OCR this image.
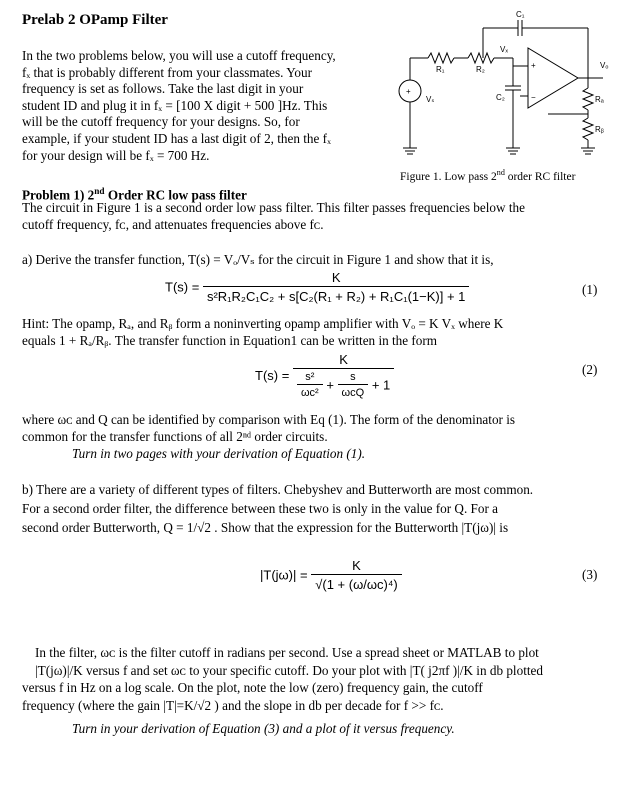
Prelab 2 OPamp Filter
In the two problems below, you will use a cutoff frequency,
fₓ that is probably different from your classmates. Your
frequency is set as follows. Take the last digit in your
student ID and plug it in fₓ = [100 X digit + 500 ]Hz. This
will be the cutoff frequency for your designs. So, for
example, if your student ID has a last digit of 2, then the fₓ
for your design will be fₓ = 700 Hz.
C₁
R₁	R₂
Vₓ
C₂
Vₛ
Vₒ
Rₐ
Rᵦ
+
−
+
Figure 1. Low pass 2nd order RC filter
Problem 1) 2nd Order RC low pass filter
The circuit in Figure 1 is a second order low pass filter. This filter passes frequencies below the
cutoff frequency, fᴄ, and attenuates frequencies above fᴄ.
a) Derive the transfer function, T(s) = Vₒ/Vₛ for the circuit in Figure 1 and show that it is,
$T(s) = \frac{K}{\text{s²R₁R₂C₁C₂ + s[C₂(R₁ + R₂) + R₁C₁(1−K)] + 1}}$	(1)
Hint: The opamp, Rₐ, and Rᵦ form a noninverting opamp amplifier with Vₒ = K Vₓ where K
equals 1 + Rₐ/Rᵦ. The transfer function in Equation1 can be written in the form
T(s) =
K
$\frac{\text{s²}}{\text{ωᴄ²}} + \frac{s}{\text{ωᴄQ}} + 1$
(2)
where ωᴄ and Q can be identified by comparison with Eq (1). The form of the denominator is
common for the transfer functions of all 2ⁿᵈ order circuits.
Turn in two pages with your derivation of Equation (1).
b) There are a variety of different types of filters. Chebyshev and Butterworth are most common.
For a second order filter, the difference between these two is only in the value for Q. For a
second order Butterworth, Q = 1/√2 . Show that the expression for the Butterworth |T(jω)| is
$|T(j\omega)| = \frac{K}{\text{√(1 + (ω/ωᴄ)⁴)}}$	(3)
In the filter, ωᴄ is the filter cutoff in radians per second. Use a spread sheet or MATLAB to plot
|T(jω)|/K versus f and set ωᴄ to your specific cutoff. Do your plot with |T( j2πf )|/K in db plotted
versus f in Hz on a log scale. On the plot, note the low (zero) frequency gain, the cutoff
frequency (where the gain |T|=K/√2 ) and the slope in db per decade for f >> fᴄ.
Turn in your derivation of Equation (3) and a plot of it versus frequency.
